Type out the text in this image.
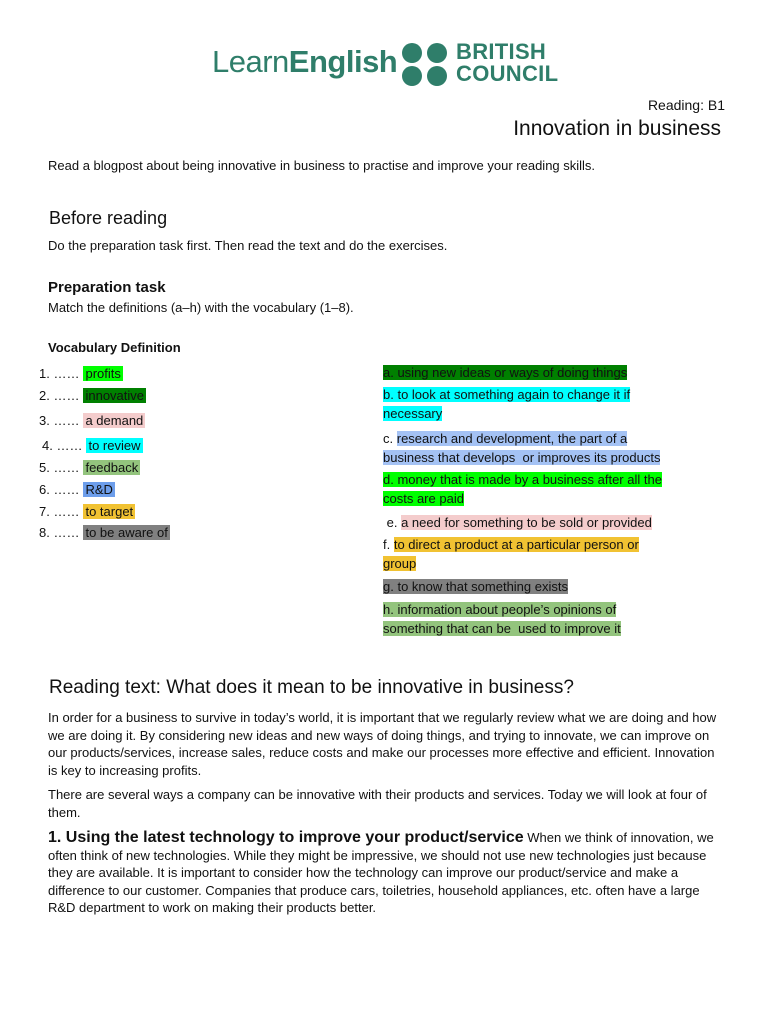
LearnEnglish	BRITISH
COUNCIL
Reading: B1
Innovation in business
Read a blogpost about being innovative in business to practise and improve your reading skills.
Before reading
Do the preparation task first. Then read the text and do the exercises.
Preparation task
Match the definitions (a–h) with the vocabulary (1–8).
Vocabulary Definition
1. …… profits
2. …… innovative
3. …… a demand
4. …… to review
5. …… feedback
6. …… R&D
7. …… to target
8. …… to be aware of
a. using new ideas or ways of doing things
b. to look at something again to change it if
necessary
c. research and development, the part of a
business that develops  or improves its products
d. money that is made by a business after all the
costs are paid
e. a need for something to be sold or provided
f. to direct a product at a particular person or
group
g. to know that something exists
h. information about people’s opinions of
something that can be  used to improve it
Reading text: What does it mean to be innovative in business?
In order for a business to survive in today’s world, it is important that we regularly review what we are doing and how we are doing it. By considering new ideas and new ways of doing things, and trying to innovate, we can improve on our products/services, increase sales, reduce costs and make our processes more effective and efficient. Innovation is key to increasing profits.
There are several ways a company can be innovative with their products and services. Today we will look at four of them.
1. Using the latest technology to improve your product/service When we think of innovation, we often think of new technologies. While they might be impressive, we should not use new technologies just because they are available. It is important to consider how the technology can improve our product/service and make a difference to our customer. Companies that produce cars, toiletries, household appliances, etc. often have a large R&D department to work on making their products better.
